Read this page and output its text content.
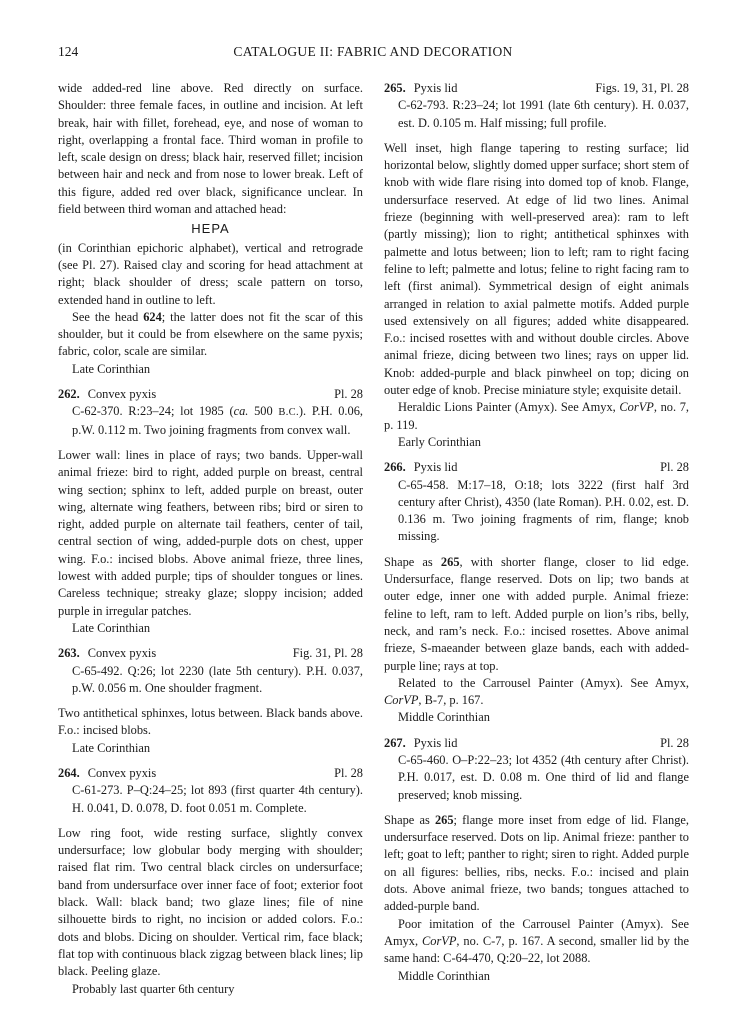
124	CATALOGUE II: FABRIC AND DECORATION

wide added-red line above. Red directly on surface. Shoulder: three female faces, in outline and incision. At left break, hair with fillet, forehead, eye, and nose of woman to right, overlapping a frontal face. Third woman in profile to left, scale design on dress; black hair, reserved fillet; incision between hair and neck and from nose to lower break. Left of this figure, added red over black, significance unclear. In field between third woman and attached head:

HEPA

(in Corinthian epichoric alphabet), vertical and retrograde (see Pl. 27). Raised clay and scoring for head attachment at right; black shoulder of dress; scale pattern on torso, extended hand in outline to left.

See the head 624; the latter does not fit the scar of this shoulder, but it could be from elsewhere on the same pyxis; fabric, color, scale are similar.

Late Corinthian

262. Convex pyxis	Pl. 28

C-62-370. R:23–24; lot 1985 (ca. 500 B.C.). P.H. 0.06, p.W. 0.112 m. Two joining fragments from convex wall.

Lower wall: lines in place of rays; two bands. Upper-wall animal frieze: bird to right, added purple on breast, central wing section; sphinx to left, added purple on breast, outer wing, alternate wing feathers, between ribs; bird or siren to right, added purple on alternate tail feathers, center of tail, central section of wing, added-purple dots on chest, upper wing. F.o.: incised blobs. Above animal frieze, three lines, lowest with added purple; tips of shoulder tongues or lines. Careless technique; streaky glaze; sloppy incision; added purple in irregular patches.

Late Corinthian

263. Convex pyxis	Fig. 31, Pl. 28

C-65-492. Q:26; lot 2230 (late 5th century). P.H. 0.037, p.W. 0.056 m. One shoulder fragment.

Two antithetical sphinxes, lotus between. Black bands above. F.o.: incised blobs.

Late Corinthian

264. Convex pyxis	Pl. 28

C-61-273. P–Q:24–25; lot 893 (first quarter 4th century). H. 0.041, D. 0.078, D. foot 0.051 m. Complete.

Low ring foot, wide resting surface, slightly convex undersurface; low globular body merging with shoulder; raised flat rim. Two central black circles on undersurface; band from undersurface over inner face of foot; exterior foot black. Wall: black band; two glaze lines; file of nine silhouette birds to right, no incision or added colors. F.o.: dots and blobs. Dicing on shoulder. Vertical rim, face black; flat top with continuous black zigzag between black lines; lip black. Peeling glaze.

Probably last quarter 6th century

265. Pyxis lid	Figs. 19, 31, Pl. 28

C-62-793. R:23–24; lot 1991 (late 6th century). H. 0.037, est. D. 0.105 m. Half missing; full profile.

Well inset, high flange tapering to resting surface; lid horizontal below, slightly domed upper surface; short stem of knob with wide flare rising into domed top of knob. Flange, undersurface reserved. At edge of lid two lines. Animal frieze (beginning with well-preserved area): ram to left (partly missing); lion to right; antithetical sphinxes with palmette and lotus between; lion to left; ram to right facing feline to left; palmette and lotus; feline to right facing ram to left (first animal). Symmetrical design of eight animals arranged in relation to axial palmette motifs. Added purple used extensively on all figures; added white disappeared. F.o.: incised rosettes with and without double circles. Above animal frieze, dicing between two lines; rays on upper lid. Knob: added-purple and black pinwheel on top; dicing on outer edge of knob. Precise miniature style; exquisite detail.

Heraldic Lions Painter (Amyx). See Amyx, CorVP, no. 7, p. 119.

Early Corinthian

266. Pyxis lid	Pl. 28

C-65-458. M:17–18, O:18; lots 3222 (first half 3rd century after Christ), 4350 (late Roman). P.H. 0.02, est. D. 0.136 m. Two joining fragments of rim, flange; knob missing.

Shape as 265, with shorter flange, closer to lid edge. Undersurface, flange reserved. Dots on lip; two bands at outer edge, inner one with added purple. Animal frieze: feline to left, ram to left. Added purple on lion’s ribs, belly, neck, and ram’s neck. F.o.: incised rosettes. Above animal frieze, S-maeander between glaze bands, each with added-purple line; rays at top.

Related to the Carrousel Painter (Amyx). See Amyx, CorVP, B-7, p. 167.

Middle Corinthian

267. Pyxis lid	Pl. 28

C-65-460. O–P:22–23; lot 4352 (4th century after Christ). P.H. 0.017, est. D. 0.08 m. One third of lid and flange preserved; knob missing.

Shape as 265; flange more inset from edge of lid. Flange, undersurface reserved. Dots on lip. Animal frieze: panther to left; goat to left; panther to right; siren to right. Added purple on all figures: bellies, ribs, necks. F.o.: incised and plain dots. Above animal frieze, two bands; tongues attached to added-purple band.

Poor imitation of the Carrousel Painter (Amyx). See Amyx, CorVP, no. C-7, p. 167. A second, smaller lid by the same hand: C-64-470, Q:20–22, lot 2088.

Middle Corinthian
